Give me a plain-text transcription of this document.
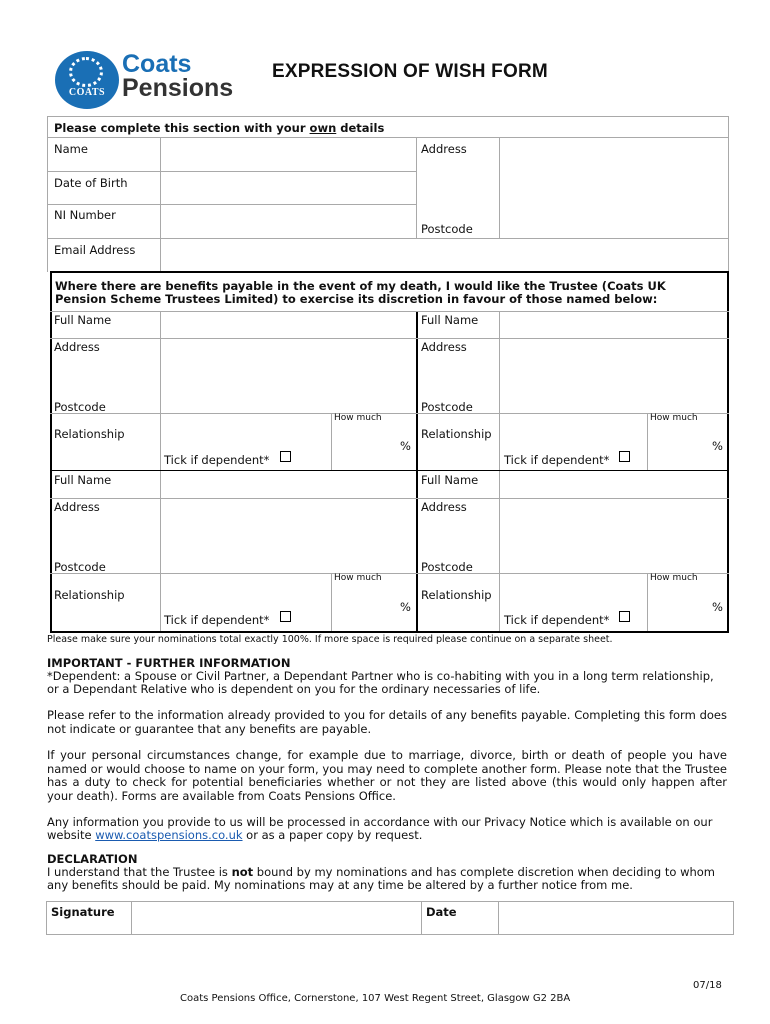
COATS
Coats
Pensions
EXPRESSION OF WISH FORM
Please complete this section with your own details
Name	Address
Date of Birth
NI Number
Postcode
Email Address
Where there are benefits payable in the event of my death, I would like the Trustee (Coats UK
Pension Scheme Trustees Limited) to exercise its discretion in favour of those named below:
Full Name
Address
Postcode
Relationship
How much
%
Tick if dependent*
Full Name
Address
Postcode
Relationship
How much
%
Tick if dependent*
Full Name
Address
Postcode
Relationship
How much
%
Tick if dependent*
Full Name
Address
Postcode
Relationship
How much
%
Tick if dependent*
Please make sure your nominations total exactly 100%. If more space is required please continue on a separate sheet.
IMPORTANT - FURTHER INFORMATION
*Dependent: a Spouse or Civil Partner, a Dependant Partner who is co-habiting with you in a long term relationship,
or a Dependant Relative who is dependent on you for the ordinary necessaries of life.
Please refer to the information already provided to you for details of any benefits payable. Completing this form does not indicate or guarantee that any benefits are payable.
If your personal circumstances change, for example due to marriage, divorce, birth or death of people you have named or would choose to name on your form, you may need to complete another form. Please note that the Trustee has a duty to check for potential beneficiaries whether or not they are listed above (this would only happen after your death). Forms are available from Coats Pensions Office.
Any information you provide to us will be processed in accordance with our Privacy Notice which is available on our
website www.coatspensions.co.uk or as a paper copy by request.
DECLARATION
I understand that the Trustee is not bound by my nominations and has complete discretion when deciding to whom
any benefits should be paid. My nominations may at any time be altered by a further notice from me.
Signature	Date
07/18
Coats Pensions Office, Cornerstone, 107 West Regent Street, Glasgow G2 2BA
